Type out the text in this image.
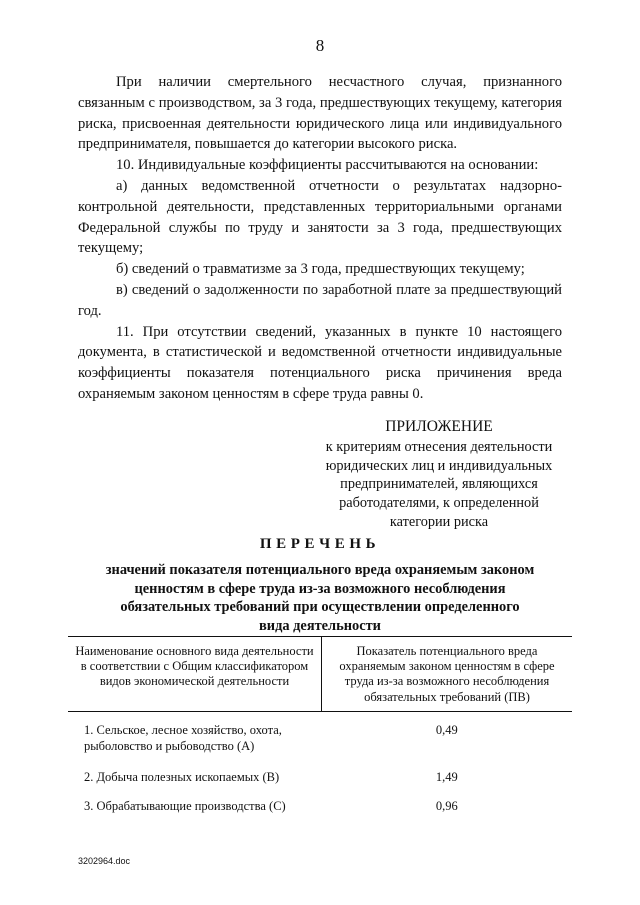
8

При наличии смертельного несчастного случая, признанного связанным с производством, за 3 года, предшествующих текущему, категория риска, присвоенная деятельности юридического лица или индивидуального предпринимателя, повышается до категории высокого риска.

10. Индивидуальные коэффициенты рассчитываются на основании:

а) данных ведомственной отчетности о результатах надзорно-контрольной деятельности, представленных территориальными органами Федеральной службы по труду и занятости за 3 года, предшествующих текущему;

б) сведений о травматизме за 3 года, предшествующих текущему;

в) сведений о задолженности по заработной плате за предшествующий год.

11. При отсутствии сведений, указанных в пункте 10 настоящего документа, в статистической и ведомственной отчетности индивидуальные коэффициенты показателя потенциального риска причинения вреда охраняемым законом ценностям в сфере труда равны 0.

ПРИЛОЖЕНИЕ
к критериям отнесения деятельности
юридических лиц и индивидуальных
предпринимателей, являющихся
работодателями, к определенной
категории риска
ПЕРЕЧЕНЬ
значений показателя потенциального вреда охраняемым законом
ценностям в сфере труда из-за возможного несоблюдения
обязательных требований при осуществлении определенного
вида деятельности
Наименование основного вида деятельности в соответствии с Общим классификатором видов экономической деятельности	Показатель потенциального вреда охраняемым законом ценностям в сфере труда из-за возможного несоблюдения обязательных требований (ПВ)
1. Сельское, лесное хозяйство, охота, рыболовство и рыбоводство (А)	0,49
2. Добыча полезных ископаемых (В)	1,49
3. Обрабатывающие производства (С)	0,96
3202964.doc
